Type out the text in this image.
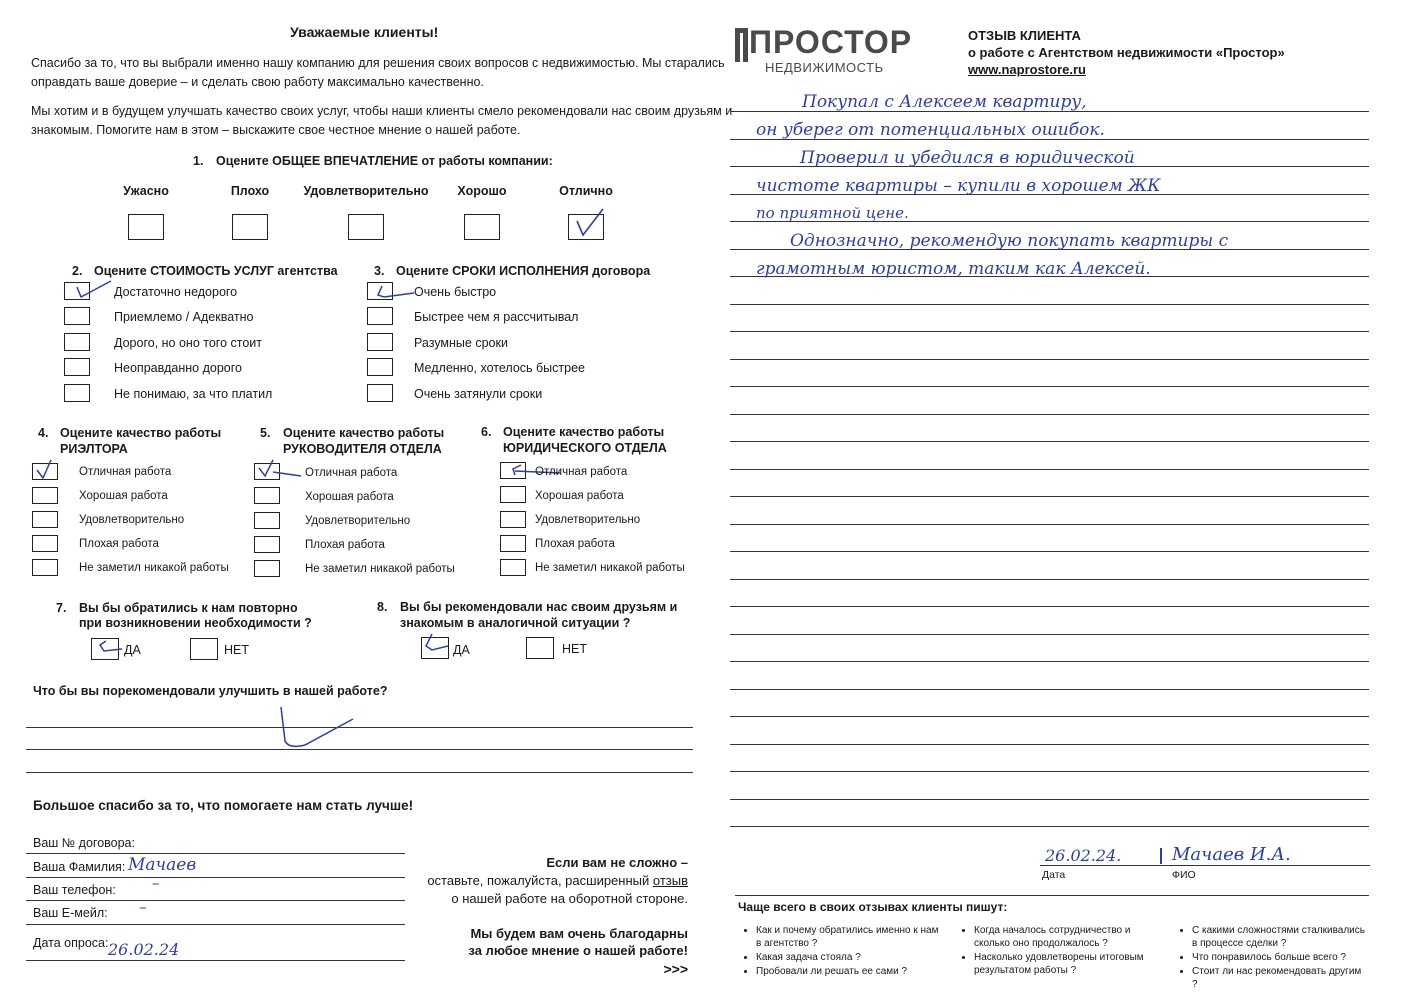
Уважаемые клиенты!
Спасибо за то, что вы выбрали именно нашу компанию для решения своих вопросов с недвижимостью. Мы старались
оправдать ваше доверие – и сделать свою работу максимально качественно.
Мы хотим и в будущем улучшать качество своих услуг, чтобы наши клиенты смело рекомендовали нас своим друзьям и
знакомым. Помогите нам в этом – выскажите свое честное мнение о нашей работе.
1. Оцените ОБЩЕЕ ВПЕЧАТЛЕНИЕ от работы компании:
Ужасно	Плохо	Удовлетворительно	Хорошо	Отлично
2. Оцените СТОИМОСТЬ УСЛУГ агентства
Достаточно недорого
Приемлемо / Адекватно
Дорого, но оно того стоит
Неоправданно дорого
Не понимаю, за что платил
3. Оцените СРОКИ ИСПОЛНЕНИЯ договора
Очень быстро
Быстрее чем я рассчитывал
Разумные сроки
Медленно, хотелось быстрее
Очень затянули сроки
4. Оцените качество работы
РИЭЛТОРА
Отличная работа
Хорошая работа
Удовлетворительно
Плохая работа
Не заметил никакой работы
5. Оцените качество работы
РУКОВОДИТЕЛЯ ОТДЕЛА
Отличная работа
Хорошая работа
Удовлетворительно
Плохая работа
Не заметил никакой работы
6. Оцените качество работы
ЮРИДИЧЕСКОГО ОТДЕЛА
Отличная работа
Хорошая работа
Удовлетворительно
Плохая работа
Не заметил никакой работы
7. Вы бы обратились к нам повторно
при возникновении необходимости ?
ДА	НЕТ
8. Вы бы рекомендовали нас своим друзьям и
знакомым в аналогичной ситуации ?
ДА	НЕТ
Что бы вы порекомендовали улучшить в нашей работе?
Большое спасибо за то, что помогаете нам стать лучше!
Ваш № договора:
Ваша Фамилия: Мачаев
Ваш телефон: –
Ваш Е-мейл: –
Дата опроса: 26.02.24
Если вам не сложно –
оставьте, пожалуйста, расширенный отзыв
о нашей работе на оборотной стороне.
Мы будем вам очень благодарны
за любое мнение о нашей работе!
>>>
ПРОСТОР
НЕДВИЖИМОСТЬ
ОТЗЫВ КЛИЕНТА
о работе с Агентством недвижимости «Простор»
www.naprostore.ru
Покупал с Алексеем квартиру,
он уберег от потенциальных ошибок.
Проверил и убедился в юридической
чистоте квартиры – купили в хорошем ЖК
по приятной цене.
Однозначно, рекомендую покупать квартиры с
грамотным юристом, таким как Алексей.
26.02.24.	Мачаев И.А.
Дата	ФИО
Чаще всего в своих отзывах клиенты пишут:
• Как и почему обратились именно к нам в агентство ?
• Какая задача стояла ?
• Пробовали ли решать ее сами ?
• Когда началось сотрудничество и сколько оно продолжалось ?
• Насколько удовлетворены итоговым результатом работы ?
• С какими сложностями сталкивались в процессе сделки ?
• Что понравилось больше всего ?
• Стоит ли нас рекомендовать другим ?
